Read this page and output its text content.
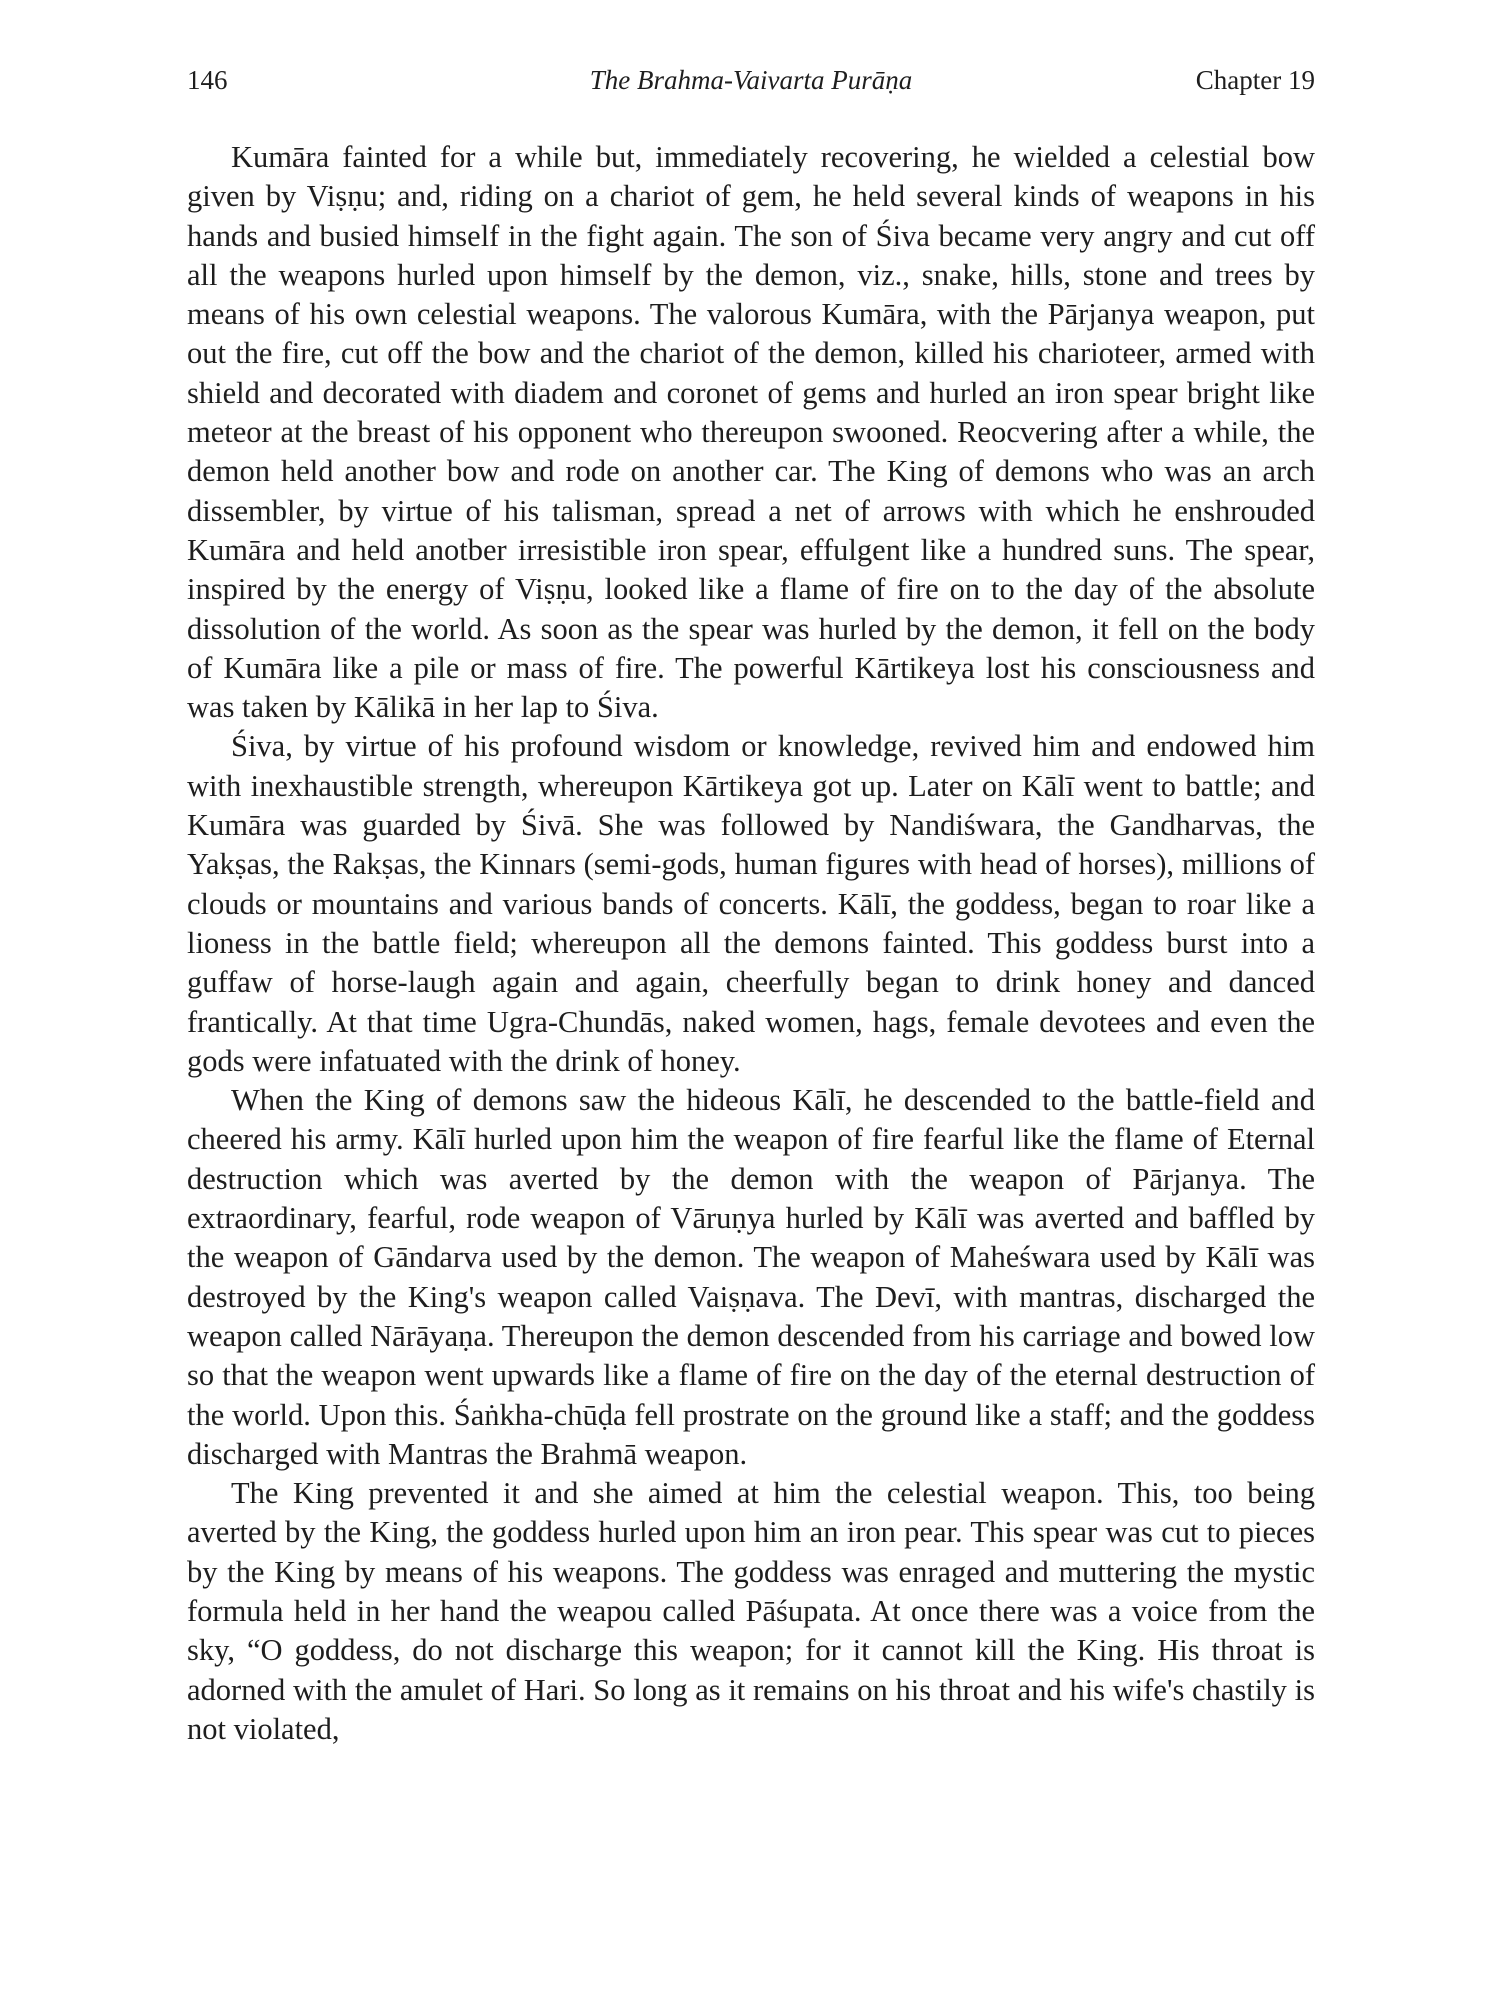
146	The Brahma-Vaivarta Purāṇa	Chapter 19

Kumāra fainted for a while but, immediately recovering, he wielded a celestial bow given by Viṣṇu; and, riding on a chariot of gem, he held several kinds of weapons in his hands and busied himself in the fight again. The son of Śiva became very angry and cut off all the weapons hurled upon himself by the demon, viz., snake, hills, stone and trees by means of his own celestial weapons. The valorous Kumāra, with the Pārjanya weapon, put out the fire, cut off the bow and the chariot of the demon, killed his charioteer, armed with shield and decorated with diadem and coronet of gems and hurled an iron spear bright like meteor at the breast of his opponent who thereupon swooned. Reocvering after a while, the demon held another bow and rode on another car. The King of demons who was an arch dissembler, by virtue of his talisman, spread a net of arrows with which he enshrouded Kumāra and held anotber irresistible iron spear, effulgent like a hundred suns. The spear, inspired by the energy of Viṣṇu, looked like a flame of fire on to the day of the absolute dissolution of the world. As soon as the spear was hurled by the demon, it fell on the body of Kumāra like a pile or mass of fire. The powerful Kārtikeya lost his consciousness and was taken by Kālikā in her lap to Śiva.

Śiva, by virtue of his profound wisdom or knowledge, revived him and endowed him with inexhaustible strength, whereupon Kārtikeya got up. Later on Kālī went to battle; and Kumāra was guarded by Śivā. She was followed by Nandiśwara, the Gandharvas, the Yakṣas, the Rakṣas, the Kinnars (semi-gods, human figures with head of horses), millions of clouds or mountains and various bands of concerts. Kālī, the goddess, began to roar like a lioness in the battle field; whereupon all the demons fainted. This goddess burst into a guffaw of horse-laugh again and again, cheerfully began to drink honey and danced frantically. At that time Ugra-Chundās, naked women, hags, female devotees and even the gods were infatuated with the drink of honey.

When the King of demons saw the hideous Kālī, he descended to the battle-field and cheered his army. Kālī hurled upon him the weapon of fire fearful like the flame of Eternal destruction which was averted by the demon with the weapon of Pārjanya. The extraordinary, fearful, rode weapon of Vāruṇya hurled by Kālī was averted and baffled by the weapon of Gāndarva used by the demon. The weapon of Maheśwara used by Kālī was destroyed by the King's weapon called Vaiṣṇava. The Devī, with mantras, discharged the weapon called Nārāyaṇa. Thereupon the demon descended from his carriage and bowed low so that the weapon went upwards like a flame of fire on the day of the eternal destruction of the world. Upon this. Śaṅkha-chūḍa fell prostrate on the ground like a staff; and the goddess discharged with Mantras the Brahmā weapon.

The King prevented it and she aimed at him the celestial weapon. This, too being averted by the King, the goddess hurled upon him an iron pear. This spear was cut to pieces by the King by means of his weapons. The goddess was enraged and muttering the mystic formula held in her hand the weapou called Pāśupata. At once there was a voice from the sky, “O goddess, do not discharge this weapon; for it cannot kill the King. His throat is adorned with the amulet of Hari. So long as it remains on his throat and his wife's chastily is not violated,
